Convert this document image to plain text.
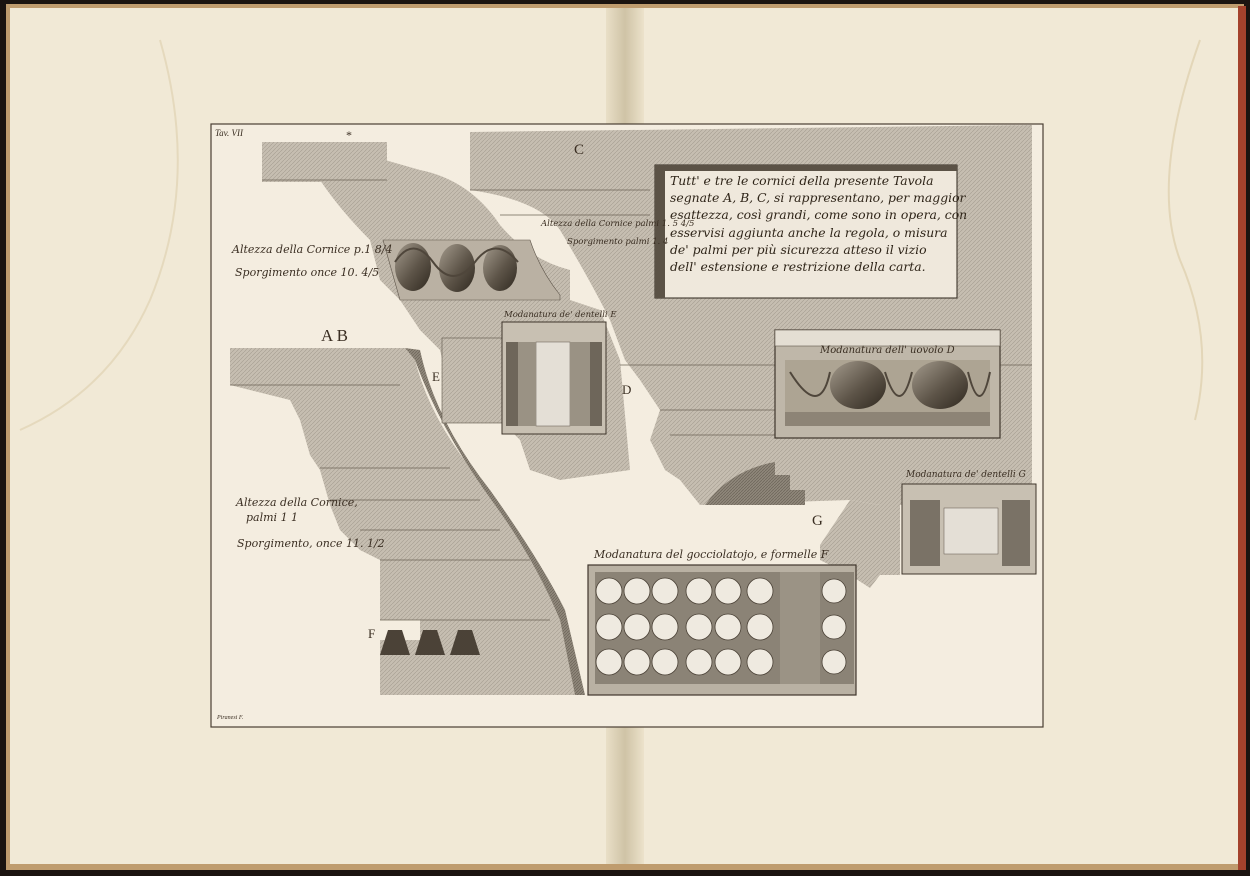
Tav. VII	*
Piranesi F.
A B
C
D
E
F
G
Altezza della Cornice p.1 8/4
Sporgimento once 10. 4/5
Altezza della Cornice,
palmi 1 1
Sporgimento, once 11. 1/2
Altezza della Cornice palmi 1. 5 4/5
Sporgimento palmi 1. 4
Modanatura de' dentelli E
Modanatura dell' uovolo D
Modanatura de' dentelli G
Modanatura del gocciolatojo, e formelle F
Tutt' e tre le cornici della presente Tavola
segnate A, B, C, si rappresentano, per maggior
esattezza, così grandi, come sono in opera, con
esservisi aggiunta anche la regola, o misura
de' palmi per più sicurezza atteso il vizio
dell' estensione e restrizione della carta.
